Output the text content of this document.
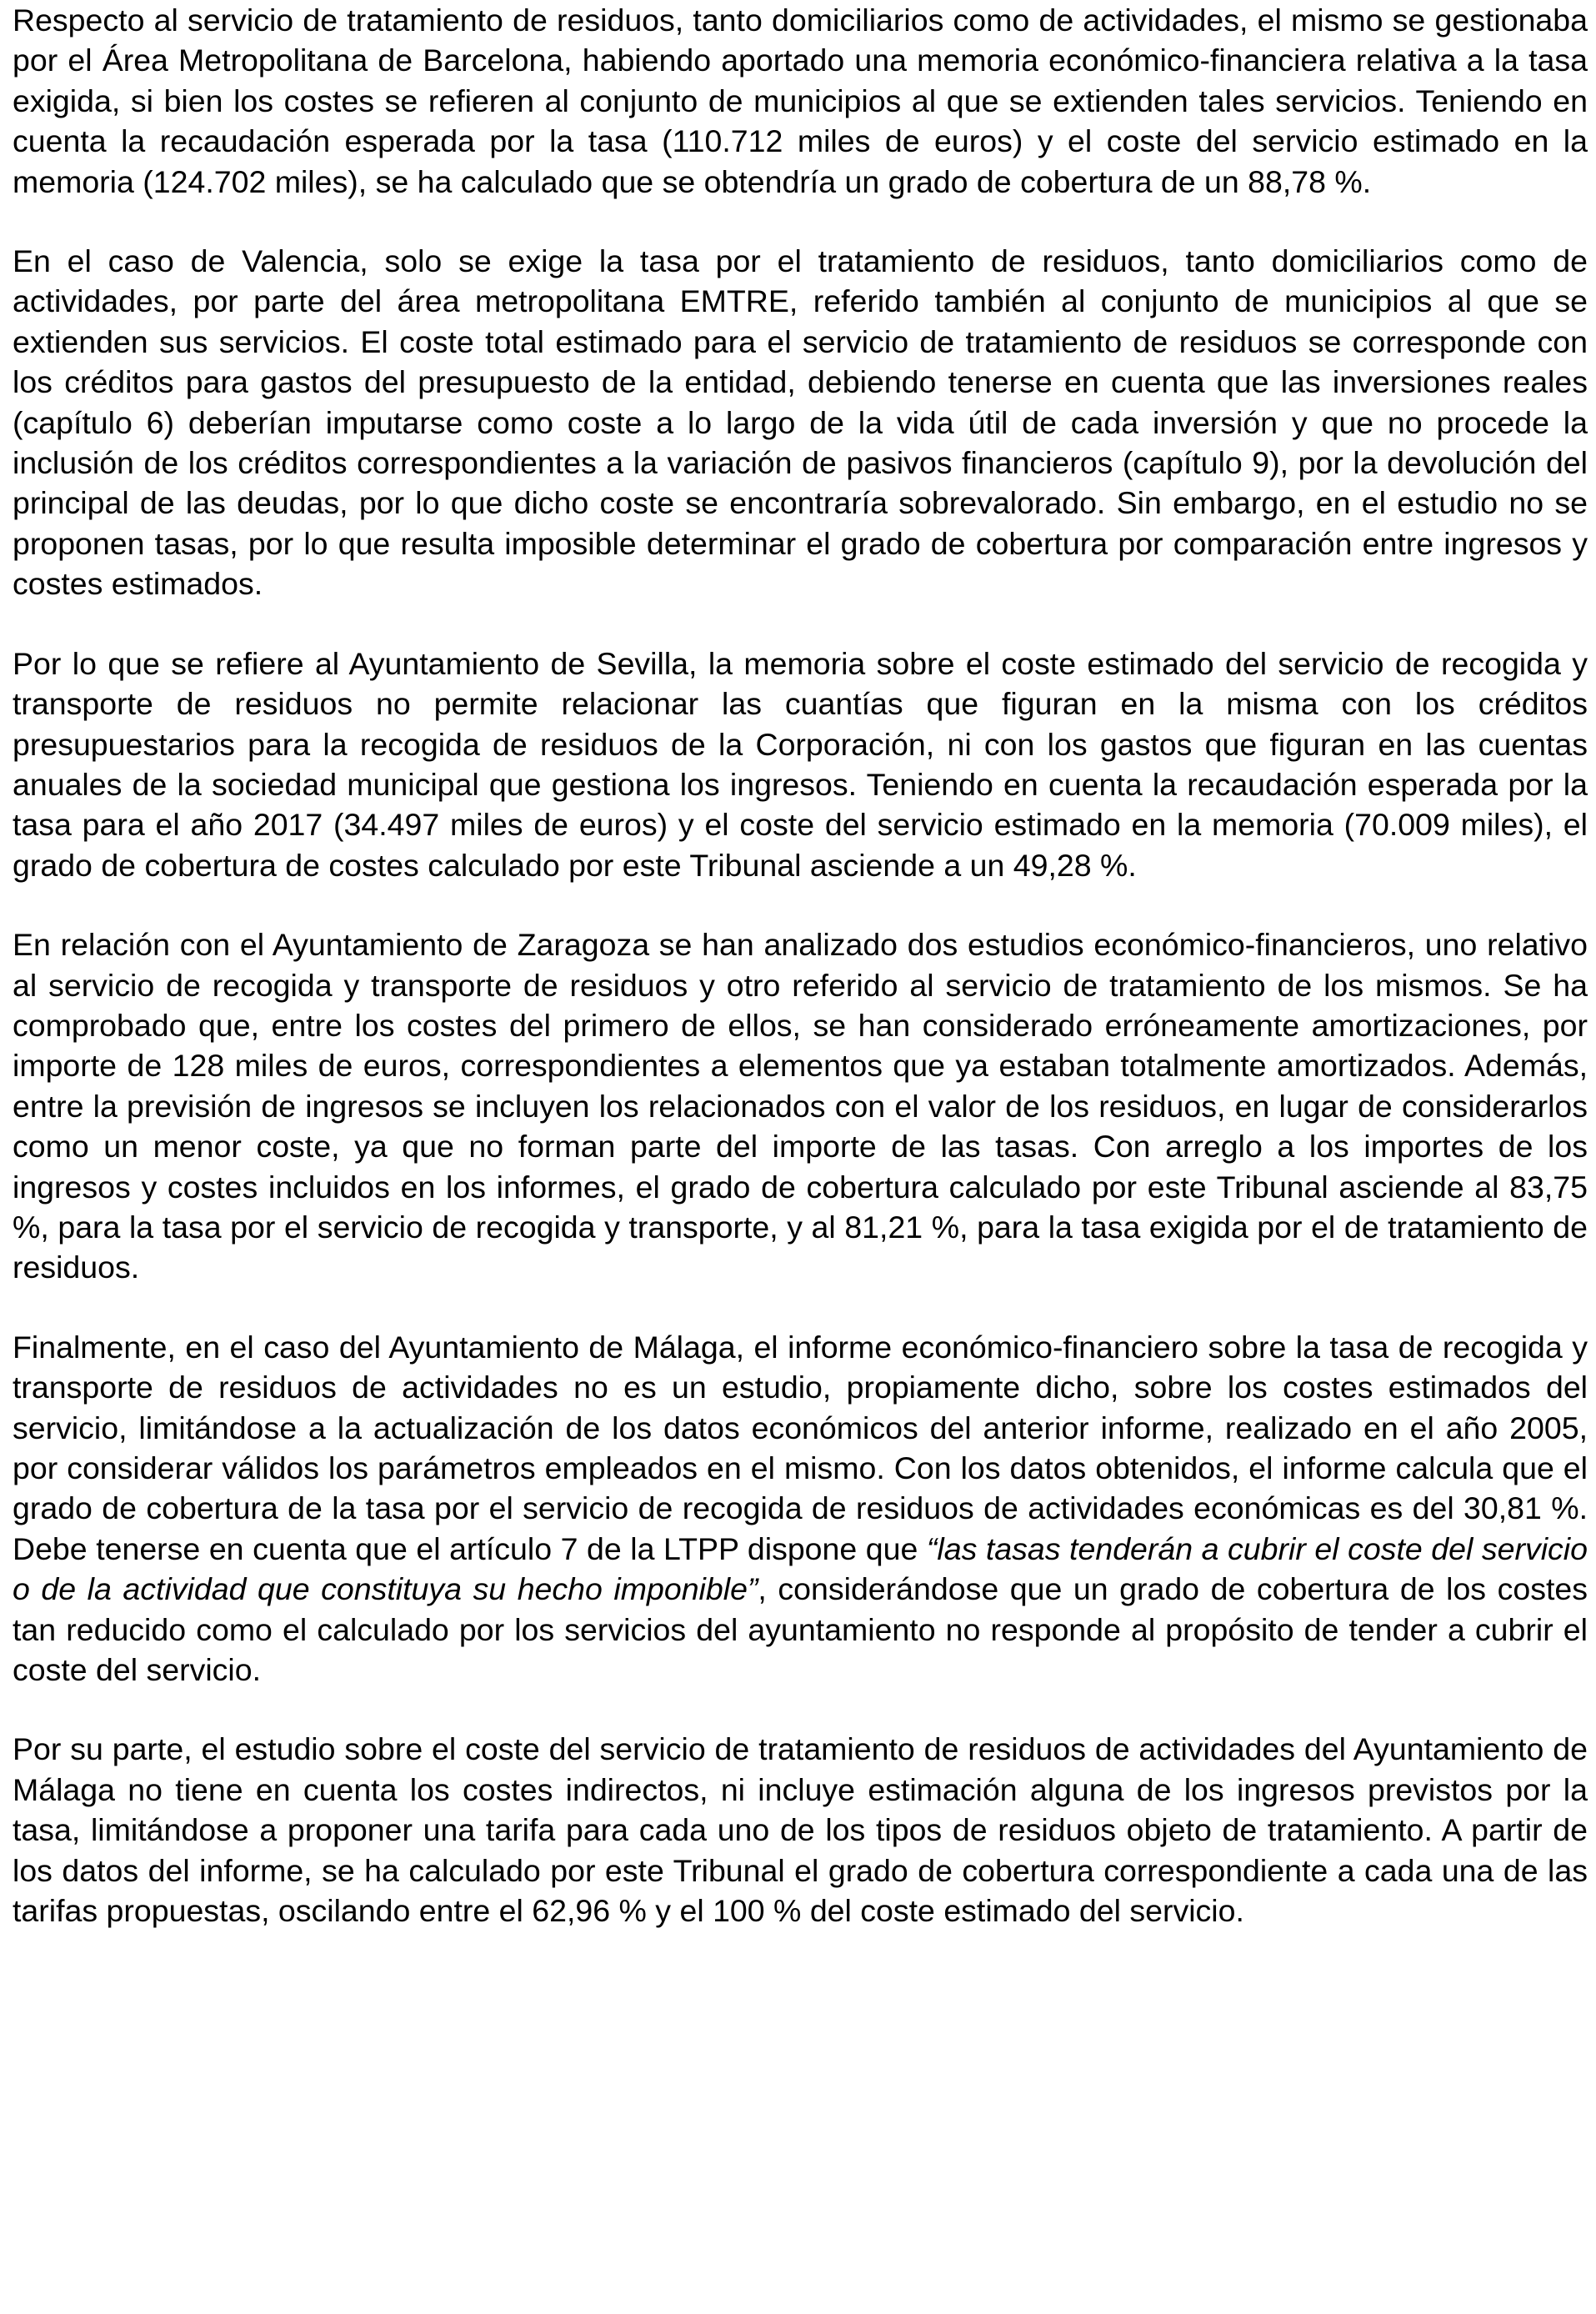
Respecto al servicio de tratamiento de residuos, tanto domiciliarios como de actividades, el mismo se gestionaba por el Área Metropolitana de Barcelona, habiendo aportado una memoria económico-financiera relativa a la tasa exigida, si bien los costes se refieren al conjunto de municipios al que se extienden tales servicios. Teniendo en cuenta la recaudación esperada por la tasa (110.712 miles de euros) y el coste del servicio estimado en la memoria (124.702 miles), se ha calculado que se obtendría un grado de cobertura de un 88,78 %.

En el caso de Valencia, solo se exige la tasa por el tratamiento de residuos, tanto domiciliarios como de actividades, por parte del área metropolitana EMTRE, referido también al conjunto de municipios al que se extienden sus servicios. El coste total estimado para el servicio de tratamiento de residuos se corresponde con los créditos para gastos del presupuesto de la entidad, debiendo tenerse en cuenta que las inversiones reales (capítulo 6) deberían imputarse como coste a lo largo de la vida útil de cada inversión y que no procede la inclusión de los créditos correspondientes a la variación de pasivos financieros (capítulo 9), por la devolución del principal de las deudas, por lo que dicho coste se encontraría sobrevalorado. Sin embargo, en el estudio no se proponen tasas, por lo que resulta imposible determinar el grado de cobertura por comparación entre ingresos y costes estimados.

Por lo que se refiere al Ayuntamiento de Sevilla, la memoria sobre el coste estimado del servicio de recogida y transporte de residuos no permite relacionar las cuantías que figuran en la misma con los créditos presupuestarios para la recogida de residuos de la Corporación, ni con los gastos que figuran en las cuentas anuales de la sociedad municipal que gestiona los ingresos. Teniendo en cuenta la recaudación esperada por la tasa para el año 2017 (34.497 miles de euros) y el coste del servicio estimado en la memoria (70.009 miles), el grado de cobertura de costes calculado por este Tribunal asciende a un 49,28 %.

En relación con el Ayuntamiento de Zaragoza se han analizado dos estudios económico-financieros, uno relativo al servicio de recogida y transporte de residuos y otro referido al servicio de tratamiento de los mismos. Se ha comprobado que, entre los costes del primero de ellos, se han considerado erróneamente amortizaciones, por importe de 128 miles de euros, correspondientes a elementos que ya estaban totalmente amortizados. Además, entre la previsión de ingresos se incluyen los relacionados con el valor de los residuos, en lugar de considerarlos como un menor coste, ya que no forman parte del importe de las tasas. Con arreglo a los importes de los ingresos y costes incluidos en los informes, el grado de cobertura calculado por este Tribunal asciende al 83,75 %, para la tasa por el servicio de recogida y transporte, y al 81,21 %, para la tasa exigida por el de tratamiento de residuos.

Finalmente, en el caso del Ayuntamiento de Málaga, el informe económico-financiero sobre la tasa de recogida y transporte de residuos de actividades no es un estudio, propiamente dicho, sobre los costes estimados del servicio, limitándose a la actualización de los datos económicos del anterior informe, realizado en el año 2005, por considerar válidos los parámetros empleados en el mismo. Con los datos obtenidos, el informe calcula que el grado de cobertura de la tasa por el servicio de recogida de residuos de actividades económicas es del 30,81 %. Debe tenerse en cuenta que el artículo 7 de la LTPP dispone que “las tasas tenderán a cubrir el coste del servicio o de la actividad que constituya su hecho imponible”, considerándose que un grado de cobertura de los costes tan reducido como el calculado por los servicios del ayuntamiento no responde al propósito de tender a cubrir el coste del servicio.

Por su parte, el estudio sobre el coste del servicio de tratamiento de residuos de actividades del Ayuntamiento de Málaga no tiene en cuenta los costes indirectos, ni incluye estimación alguna de los ingresos previstos por la tasa, limitándose a proponer una tarifa para cada uno de los tipos de residuos objeto de tratamiento. A partir de los datos del informe, se ha calculado por este Tribunal el grado de cobertura correspondiente a cada una de las tarifas propuestas, oscilando entre el 62,96 % y el 100 % del coste estimado del servicio.
